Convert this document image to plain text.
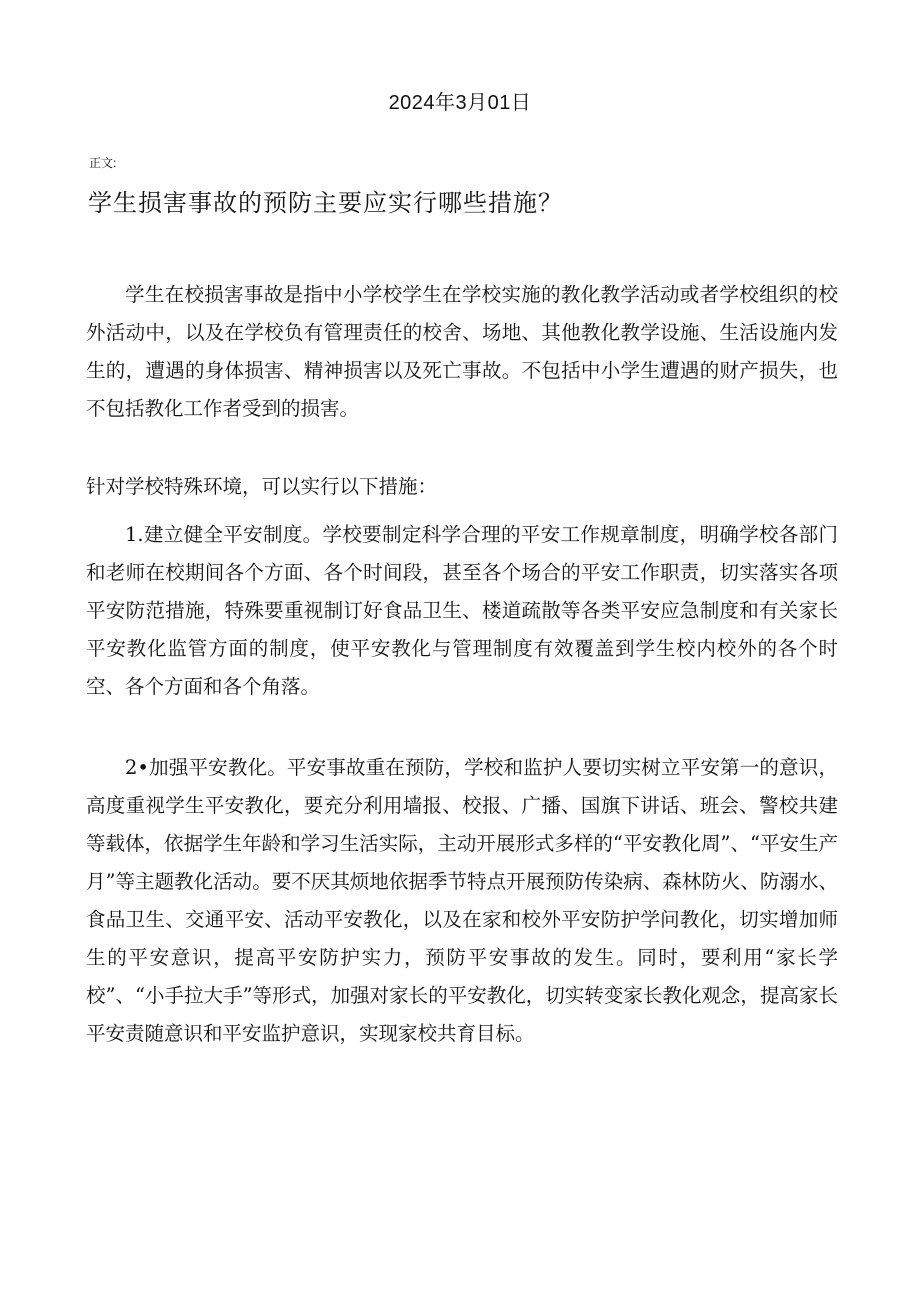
2024年3月01日
正文:
学生损害事故的预防主要应实行哪些措施？

学生在校损害事故是指中小学校学生在学校实施的教化教学活动或者学校组织的校外活动中，以及在学校负有管理责任的校舍、场地、其他教化教学设施、生活设施内发生的，遭遇的身体损害、精神损害以及死亡事故。不包括中小学生遭遇的财产损失，也不包括教化工作者受到的损害。

针对学校特殊环境，可以实行以下措施：

1.建立健全平安制度。学校要制定科学合理的平安工作规章制度，明确学校各部门和老师在校期间各个方面、各个时间段，甚至各个场合的平安工作职责，切实落实各项平安防范措施，特殊要重视制订好食品卫生、楼道疏散等各类平安应急制度和有关家长平安教化监管方面的制度，使平安教化与管理制度有效覆盖到学生校内校外的各个时空、各个方面和各个角落。

2•加强平安教化。平安事故重在预防，学校和监护人要切实树立平安第一的意识，高度重视学生平安教化，要充分利用墙报、校报、广播、国旗下讲话、班会、警校共建等载体，依据学生年龄和学习生活实际，主动开展形式多样的“平安教化周”、“平安生产月”等主题教化活动。要不厌其烦地依据季节特点开展预防传染病、森林防火、防溺水、食品卫生、交通平安、活动平安教化，以及在家和校外平安防护学问教化，切实增加师生的平安意识，提高平安防护实力，预防平安事故的发生。同时，要利用“家长学校”、“小手拉大手”等形式，加强对家长的平安教化，切实转变家长教化观念，提高家长平安责随意识和平安监护意识，实现家校共育目标。
